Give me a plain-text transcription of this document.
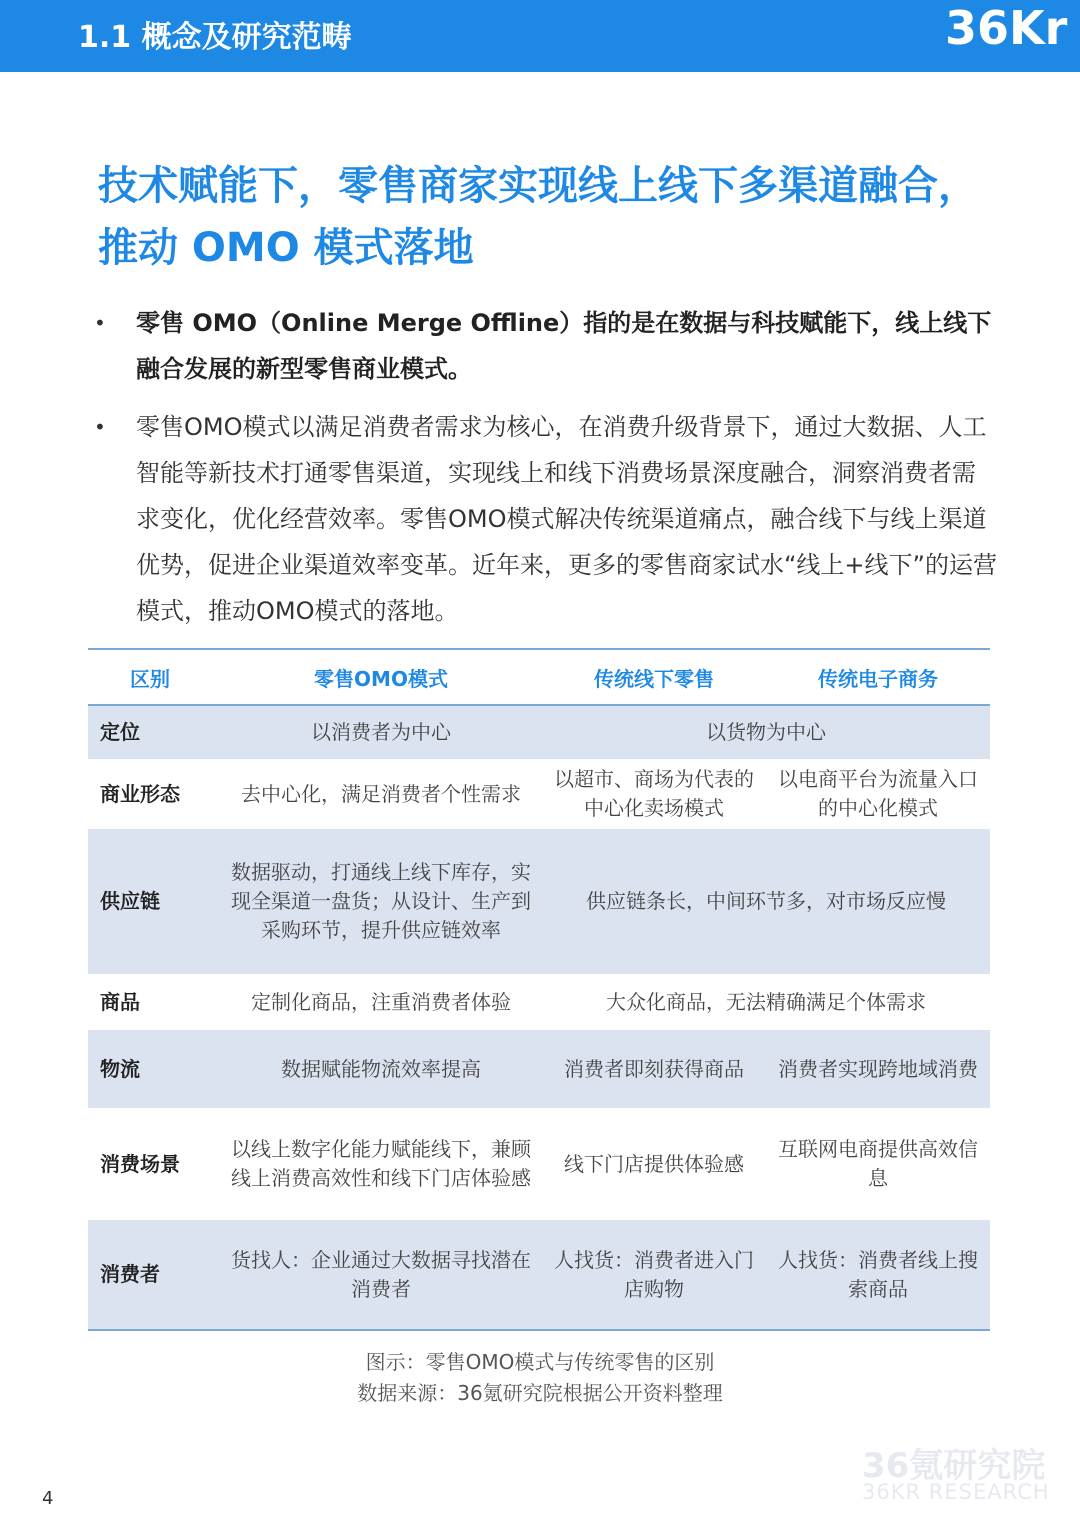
1.1 概念及研究范畴	36Kr
技术赋能下，零售商家实现线上线下多渠道融合，推动 OMO 模式落地
• 零售 OMO（Online Merge Offline）指的是在数据与科技赋能下，线上线下融合发展的新型零售商业模式。
• 零售OMO模式以满足消费者需求为核心，在消费升级背景下，通过大数据、人工智能等新技术打通零售渠道，实现线上和线下消费场景深度融合，洞察消费者需求变化，优化经营效率。零售OMO模式解决传统渠道痛点，融合线下与线上渠道优势，促进企业渠道效率变革。近年来，更多的零售商家试水“线上+线下”的运营模式，推动OMO模式的落地。
区别	零售OMO模式	传统线下零售	传统电子商务
定位	以消费者为中心	以货物为中心	
商业形态	去中心化，满足消费者个性需求	以超市、商场为代表的中心化卖场模式	以电商平台为流量入口的中心化模式
供应链	数据驱动，打通线上线下库存，实现全渠道一盘货；从设计、生产到采购环节，提升供应链效率	供应链条长，中间环节多，对市场反应慢	
商品	定制化商品，注重消费者体验	大众化商品，无法精确满足个体需求	
物流	数据赋能物流效率提高	消费者即刻获得商品	消费者实现跨地域消费
消费场景	以线上数字化能力赋能线下，兼顾线上消费高效性和线下门店体验感	线下门店提供体验感	互联网电商提供高效信息
消费者	货找人：企业通过大数据寻找潜在消费者	人找货：消费者进入门店购物	人找货：消费者线上搜索商品
图示：零售OMO模式与传统零售的区别
数据来源：36氪研究院根据公开资料整理
36氪研究院
36KR RESEARCH
4
